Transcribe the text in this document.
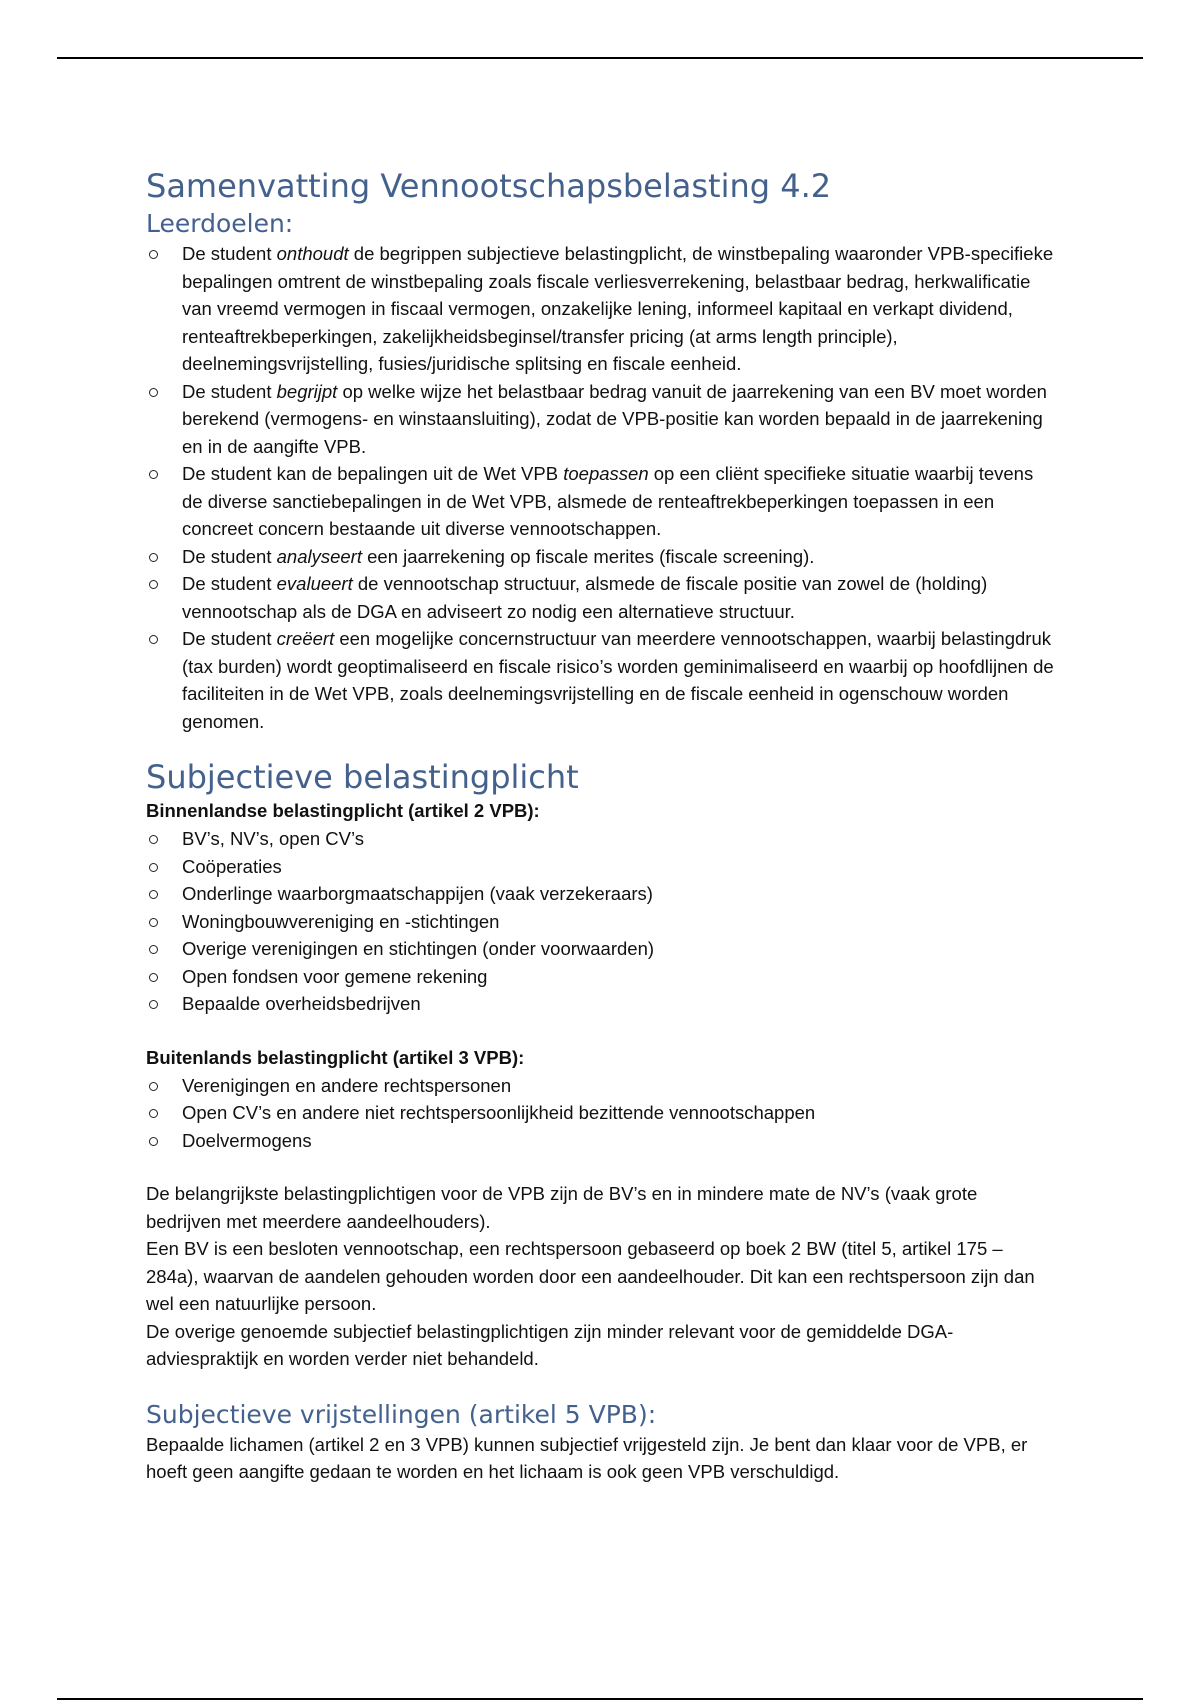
Samenvatting Vennootschapsbelasting 4.2
Leerdoelen:
De student onthoudt de begrippen subjectieve belastingplicht, de winstbepaling waaronder VPB-specifieke bepalingen omtrent de winstbepaling zoals fiscale verliesverrekening, belastbaar bedrag, herkwalificatie van vreemd vermogen in fiscaal vermogen, onzakelijke lening, informeel kapitaal en verkapt dividend, renteaftrekbeperkingen, zakelijkheidsbeginsel/transfer pricing (at arms length principle), deelnemingsvrijstelling, fusies/juridische splitsing en fiscale eenheid.
De student begrijpt op welke wijze het belastbaar bedrag vanuit de jaarrekening van een BV moet worden berekend (vermogens- en winstaansluiting), zodat de VPB-positie kan worden bepaald in de jaarrekening en in de aangifte VPB.
De student kan de bepalingen uit de Wet VPB toepassen op een cliënt specifieke situatie waarbij tevens de diverse sanctiebepalingen in de Wet VPB, alsmede de renteaftrekbeperkingen toepassen in een concreet concern bestaande uit diverse vennootschappen.
De student analyseert een jaarrekening op fiscale merites (fiscale screening).
De student evalueert de vennootschap structuur, alsmede de fiscale positie van zowel de (holding) vennootschap als de DGA en adviseert zo nodig een alternatieve structuur.
De student creëert een mogelijke concernstructuur van meerdere vennootschappen, waarbij belastingdruk (tax burden) wordt geoptimaliseerd en fiscale risico’s worden geminimaliseerd en waarbij op hoofdlijnen de faciliteiten in de Wet VPB, zoals deelnemingsvrijstelling en de fiscale eenheid in ogenschouw worden genomen.
Subjectieve belastingplicht
Binnenlandse belastingplicht (artikel 2 VPB):
BV’s, NV’s, open CV’s
Coöperaties
Onderlinge waarborgmaatschappijen (vaak verzekeraars)
Woningbouwvereniging en -stichtingen
Overige verenigingen en stichtingen (onder voorwaarden)
Open fondsen voor gemene rekening
Bepaalde overheidsbedrijven
Buitenlands belastingplicht (artikel 3 VPB):
Verenigingen en andere rechtspersonen
Open CV’s en andere niet rechtspersoonlijkheid bezittende vennootschappen
Doelvermogens

De belangrijkste belastingplichtigen voor de VPB zijn de BV’s en in mindere mate de NV’s (vaak grote bedrijven met meerdere aandeelhouders).

Een BV is een besloten vennootschap, een rechtspersoon gebaseerd op boek 2 BW (titel 5, artikel 175 – 284a), waarvan de aandelen gehouden worden door een aandeelhouder. Dit kan een rechtspersoon zijn dan wel een natuurlijke persoon.

De overige genoemde subjectief belastingplichtigen zijn minder relevant voor de gemiddelde DGA-adviespraktijk en worden verder niet behandeld.

Subjectieve vrijstellingen (artikel 5 VPB):

Bepaalde lichamen (artikel 2 en 3 VPB) kunnen subjectief vrijgesteld zijn. Je bent dan klaar voor de VPB, er hoeft geen aangifte gedaan te worden en het lichaam is ook geen VPB verschuldigd.
